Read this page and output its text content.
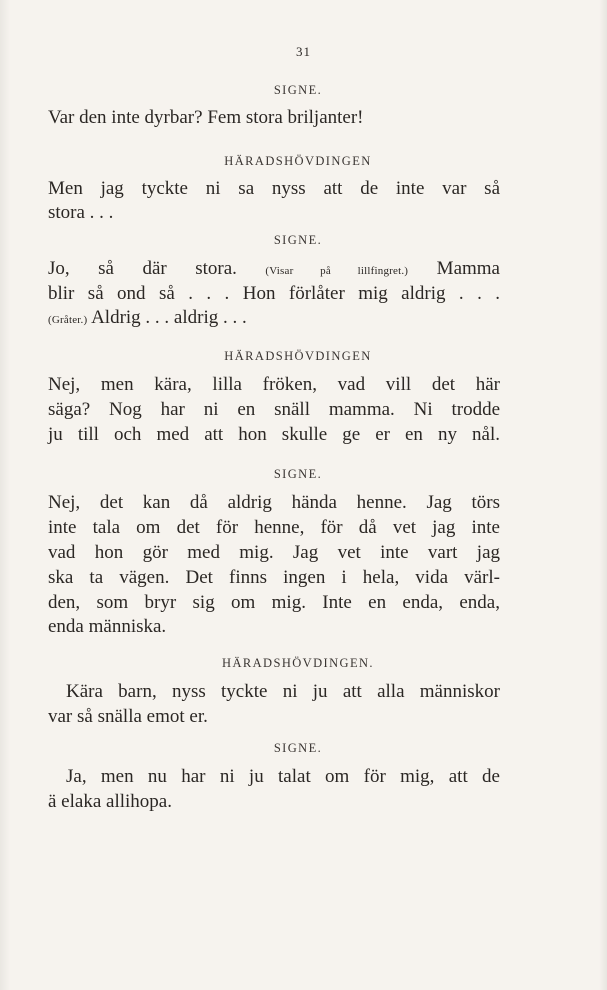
31
SIGNE.
Var den inte dyrbar? Fem stora briljanter!
HÄRADSHÖVDINGEN
Men jag tyckte ni sa nyss att de inte var så
stora . . .
SIGNE.
Jo, så där stora.	(Visar på lillfingret.) Mamma
blir så ond så . . . Hon förlåter mig aldrig . . .
(Gråter.) Aldrig . . . aldrig . . .
HÄRADSHÖVDINGEN
Nej, men kära, lilla fröken, vad vill det här
säga? Nog har ni en snäll mamma. Ni trodde
ju till och med att hon skulle ge er en ny nål.
SIGNE.
Nej, det kan då aldrig hända henne. Jag törs
inte tala om det för henne, för då vet jag inte
vad hon gör med mig. Jag vet inte vart jag
ska ta vägen. Det finns ingen i hela, vida värl-
den, som bryr sig om mig. Inte en enda, enda,
enda människa.
HÄRADSHÖVDINGEN.
Kära barn, nyss tyckte ni ju att alla människor
var så snälla emot er.
SIGNE.
Ja, men nu har ni ju talat om för mig, att de
ä elaka allihopa.
